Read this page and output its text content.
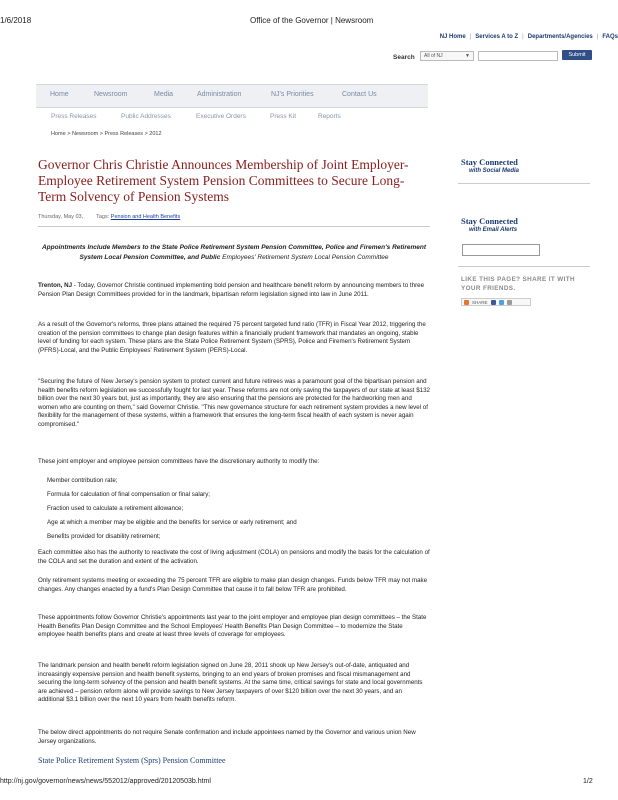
1/6/2018	Office of the Governor | Newsroom
NJ Home | Services A to Z | Departments/Agencies | FAQs
Search	All of NJ	▼	Submit
Home	Newsroom	Media	Administration	NJ's Priorities	Contact Us
Press Releases	Public Addresses	Executive Orders	Press Kit	Reports
Home > Newsroom > Press Releases > 2012
Governor Chris Christie Announces Membership of Joint Employer-Employee Retirement System Pension Committees to Secure Long-Term Solvency of Pension Systems
Thursday, May 03, Tags: Pension and Health Benefits
Appointments Include Members to the State Police Retirement System Pension Committee, Police and Firemen's Retirement System Local Pension Committee, and Public Employees' Retirement System Local Pension Committee

Trenton, NJ - Today, Governor Christie continued implementing bold pension and healthcare benefit reform by announcing members to three Pension Plan Design Committees provided for in the landmark, bipartisan reform legislation signed into law in June 2011.

As a result of the Governor's reforms, three plans attained the required 75 percent targeted fund ratio (TFR) in Fiscal Year 2012, triggering the creation of the pension committees to change plan design features within a financially prudent framework that mandates an ongoing, stable level of funding for each system. These plans are the State Police Retirement System (SPRS), Police and Firemen's Retirement System (PFRS)-Local, and the Public Employees' Retirement System (PERS)-Local.
"Securing the future of New Jersey's pension system to protect current and future retirees was a paramount goal of the bipartisan pension and health benefits reform legislation we successfully fought for last year. These reforms are not only saving the taxpayers of our state at least $132 billion over the next 30 years but, just as importantly, they are also ensuring that the pensions are protected for the hardworking men and women who are counting on them," said Governor Christie. "This new governance structure for each retirement system provides a new level of flexibility for the management of these systems, within a framework that ensures the long-term fiscal health of each system is never again compromised."
These joint employer and employee pension committees have the discretionary authority to modify the:
Member contribution rate;
Formula for calculation of final compensation or final salary;
Fraction used to calculate a retirement allowance;
Age at which a member may be eligible and the benefits for service or early retirement; and
Benefits provided for disability retirement;
Each committee also has the authority to reactivate the cost of living adjustment (COLA) on pensions and modify the basis for the calculation of the COLA and set the duration and extent of the activation.
Only retirement systems meeting or exceeding the 75 percent TFR are eligible to make plan design changes. Funds below TFR may not make changes. Any changes enacted by a fund's Plan Design Committee that cause it to fall below TFR are prohibited.
These appointments follow Governor Christie's appointments last year to the joint employer and employee plan design committees – the State Health Benefits Plan Design Committee and the School Employees' Health Benefits Plan Design Committee – to modernize the State employee health benefits plans and create at least three levels of coverage for employees.
The landmark pension and health benefit reform legislation signed on June 28, 2011 shook up New Jersey's out-of-date, antiquated and increasingly expensive pension and health benefit systems, bringing to an end years of broken promises and fiscal mismanagement and securing the long-term solvency of the pension and health benefit systems. At the same time, critical savings for state and local governments are achieved – pension reform alone will provide savings to New Jersey taxpayers of over $120 billion over the next 30 years, and an additional $3.1 billion over the next 10 years from health benefits reform.
The below direct appointments do not require Senate confirmation and include appointees named by the Governor and various union New Jersey organizations.
State Police Retirement System (Sprs) Pension Committee
Stay Connected
with Social Media
Stay Connected
with Email Alerts
LIKE THIS PAGE? SHARE IT WITH YOUR FRIENDS.
SHARE
http://nj.gov/governor/news/news/552012/approved/20120503b.html	1/2
